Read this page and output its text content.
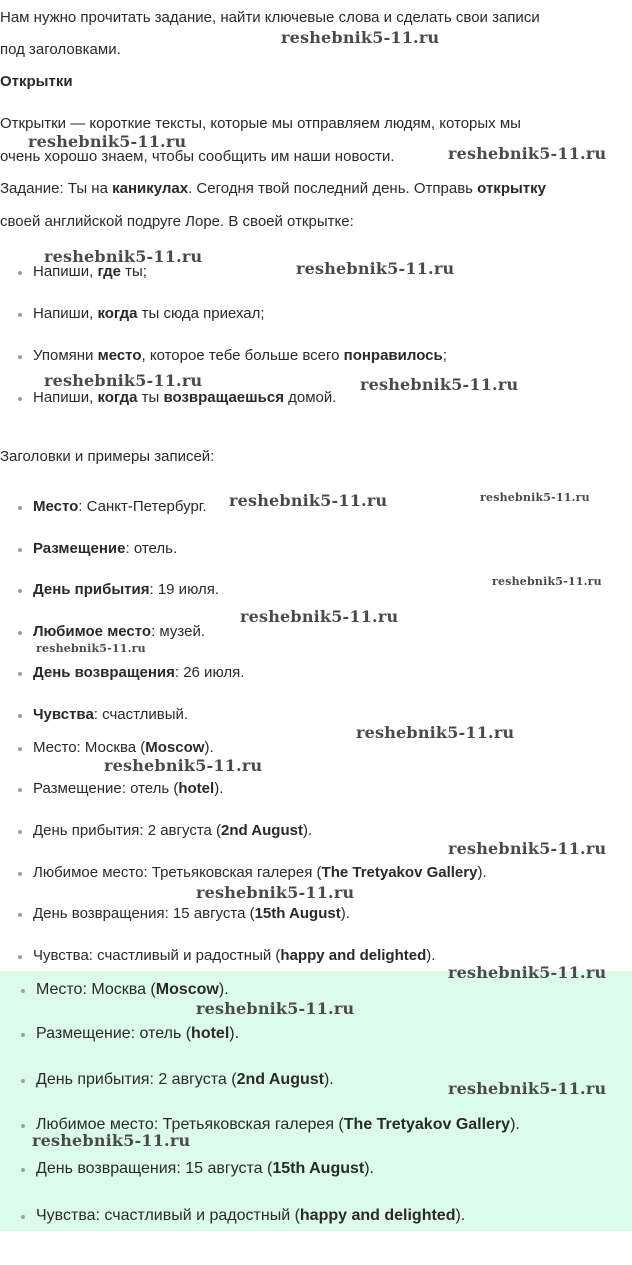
Нам нужно прочитать задание, найти ключевые слова и сделать свои записи

под заголовками.

Открытки

Открытки — короткие тексты, которые мы отправляем людям, которых мы

очень хорошо знаем, чтобы сообщить им наши новости.

Задание: Ты на каникулах. Сегодня твой последний день. Отправь открытку

своей английской подруге Лоре. В своей открытке:

Напиши, где ты;
Напиши, когда ты сюда приехал;
Упомяни место, которое тебе больше всего понравилось;
Напиши, когда ты возвращаешься домой.

Заголовки и примеры записей:

Место: Санкт-Петербург.
Размещение: отель.
День прибытия: 19 июля.
Любимое место: музей.
День возвращения: 26 июля.
Чувства: счастливый.
Место: Москва (Moscow).
Размещение: отель (hotel).
День прибытия: 2 августа (2nd August).
Любимое место: Третьяковская галерея (The Tretyakov Gallery).
День возвращения: 15 августа (15th August).
Чувства: счастливый и радостный (happy and delighted).
Место: Москва (Moscow).
Размещение: отель (hotel).
День прибытия: 2 августа (2nd August).
Любимое место: Третьяковская галерея (The Tretyakov Gallery).
День возвращения: 15 августа (15th August).
Чувства: счастливый и радостный (happy and delighted).
reshebnik5-11.ru
reshebnik5-11.ru
reshebnik5-11.ru
reshebnik5-11.ru
reshebnik5-11.ru
reshebnik5-11.ru	reshebnik5-11.ru
reshebnik5-11.ru	reshebnik5-11.ru
reshebnik5-11.ru
reshebnik5-11.ru
reshebnik5-11.ru
reshebnik5-11.ru
reshebnik5-11.ru
reshebnik5-11.ru
reshebnik5-11.ru
reshebnik5-11.ru
reshebnik5-11.ru
reshebnik5-11.ru
reshebnik5-11.ru
